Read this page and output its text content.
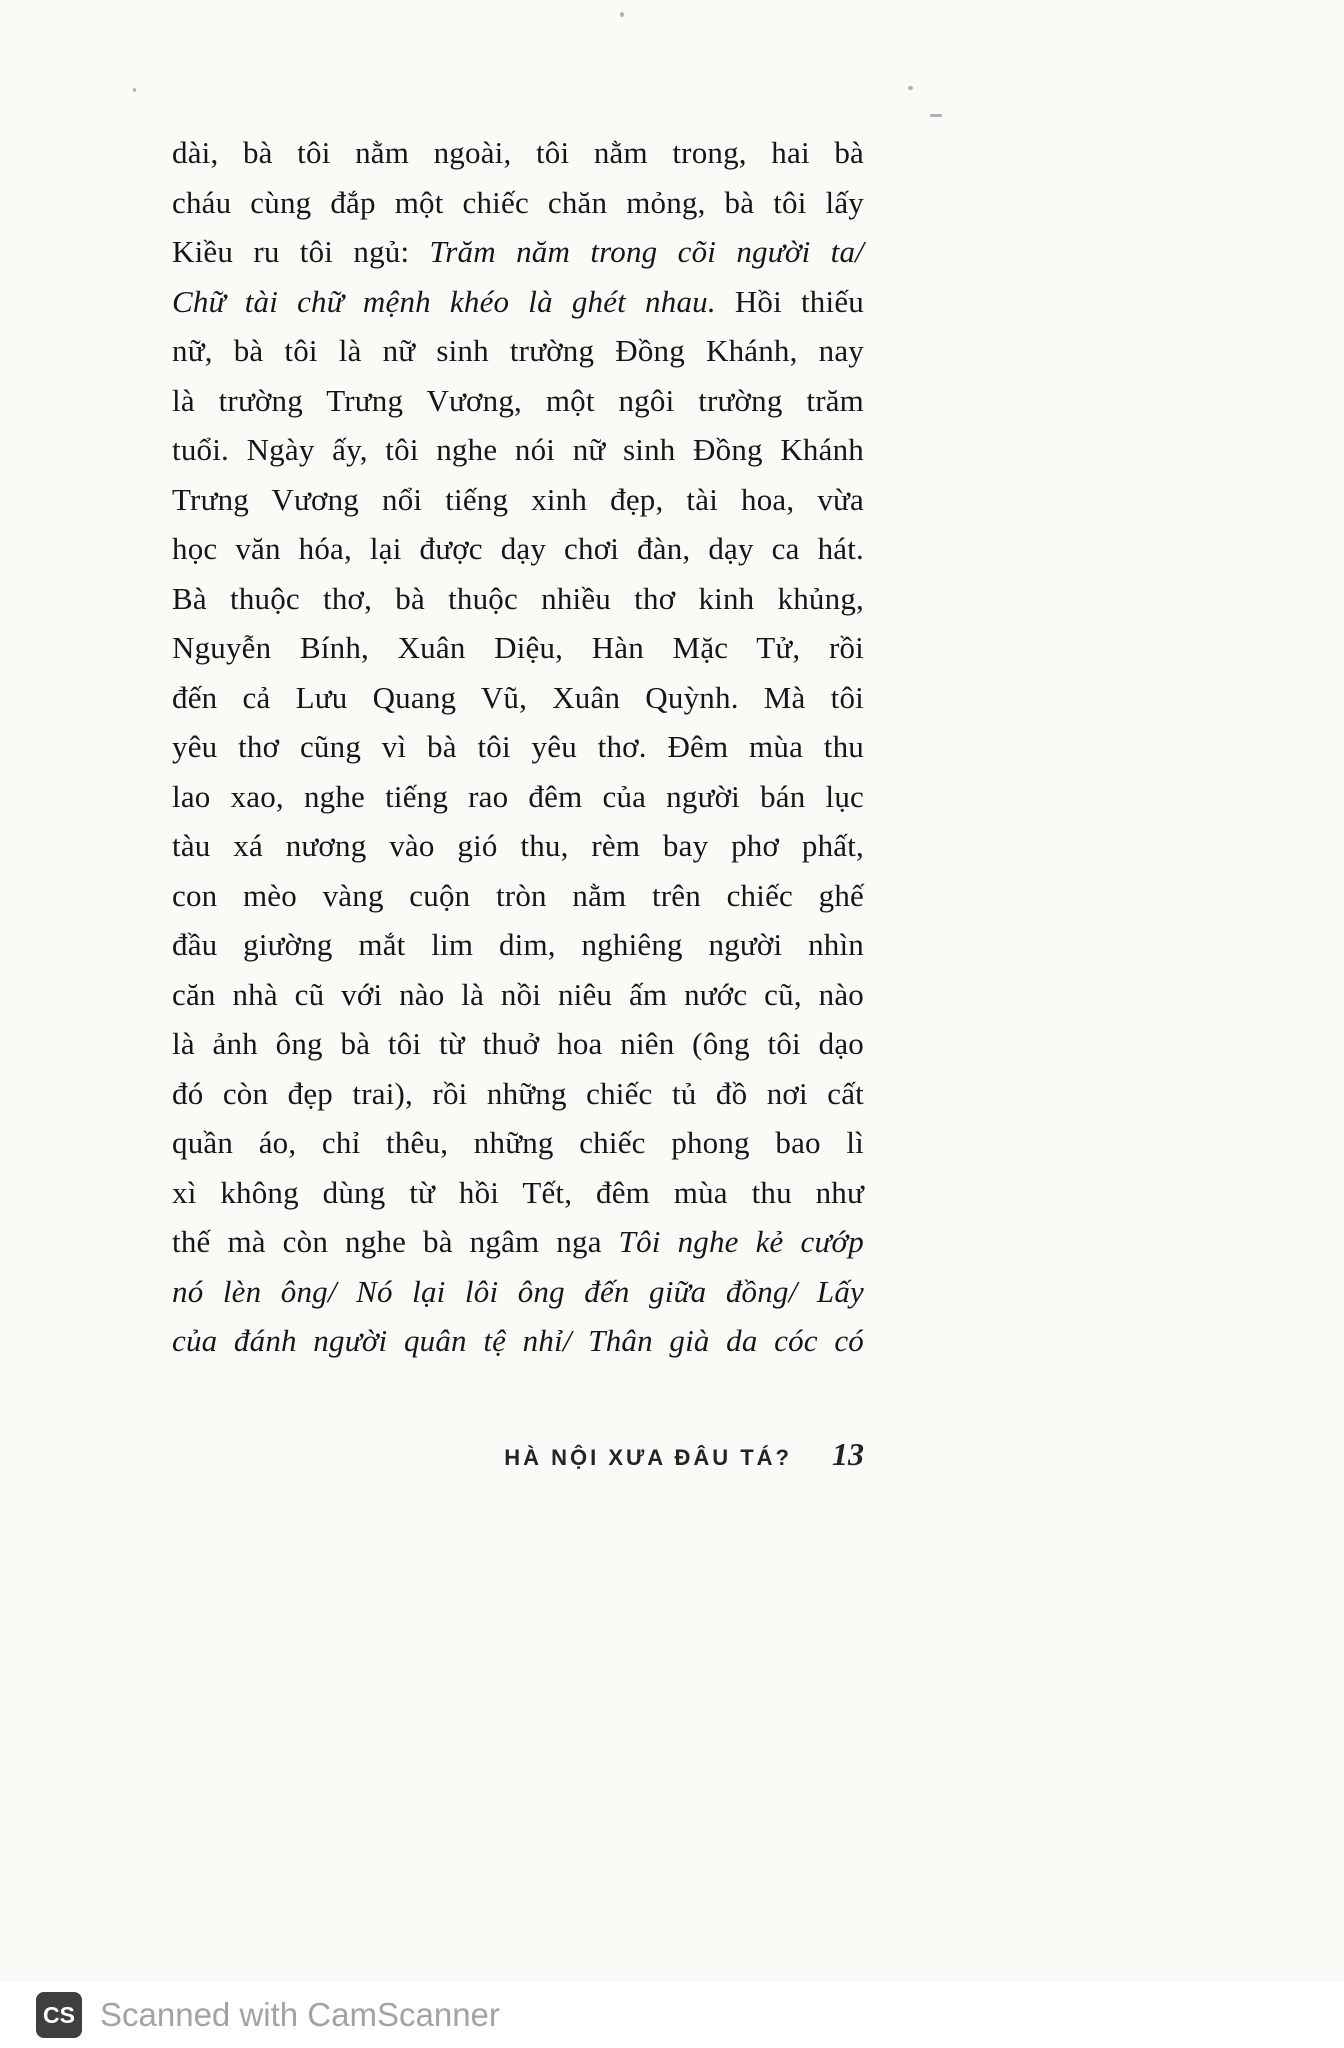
dài, bà tôi nằm ngoài, tôi nằm trong, hai bà
cháu cùng đắp một chiếc chăn mỏng, bà tôi lấy
Kiều ru tôi ngủ: Trăm năm trong cõi người ta/
Chữ tài chữ mệnh khéo là ghét nhau. Hồi thiếu
nữ, bà tôi là nữ sinh trường Đồng Khánh, nay
là trường Trưng Vương, một ngôi trường trăm
tuổi. Ngày ấy, tôi nghe nói nữ sinh Đồng Khánh
Trưng Vương nổi tiếng xinh đẹp, tài hoa, vừa
học văn hóa, lại được dạy chơi đàn, dạy ca hát.
Bà thuộc thơ, bà thuộc nhiều thơ kinh khủng,
Nguyễn Bính, Xuân Diệu, Hàn Mặc Tử, rồi
đến cả Lưu Quang Vũ, Xuân Quỳnh. Mà tôi
yêu thơ cũng vì bà tôi yêu thơ. Đêm mùa thu
lao xao, nghe tiếng rao đêm của người bán lục
tàu xá nương vào gió thu, rèm bay phơ phất,
con mèo vàng cuộn tròn nằm trên chiếc ghế
đầu giường mắt lim dim, nghiêng người nhìn
căn nhà cũ với nào là nồi niêu ấm nước cũ, nào
là ảnh ông bà tôi từ thuở hoa niên (ông tôi dạo
đó còn đẹp trai), rồi những chiếc tủ đồ nơi cất
quần áo, chỉ thêu, những chiếc phong bao lì
xì không dùng từ hồi Tết, đêm mùa thu như
thế mà còn nghe bà ngâm nga Tôi nghe kẻ cướp
nó lèn ông/ Nó lại lôi ông đến giữa đồng/ Lấy
của đánh người quân tệ nhỉ/ Thân già da cóc có
HÀ NỘI XƯA ĐÂU TÁ? 13
CS Scanned with CamScanner
